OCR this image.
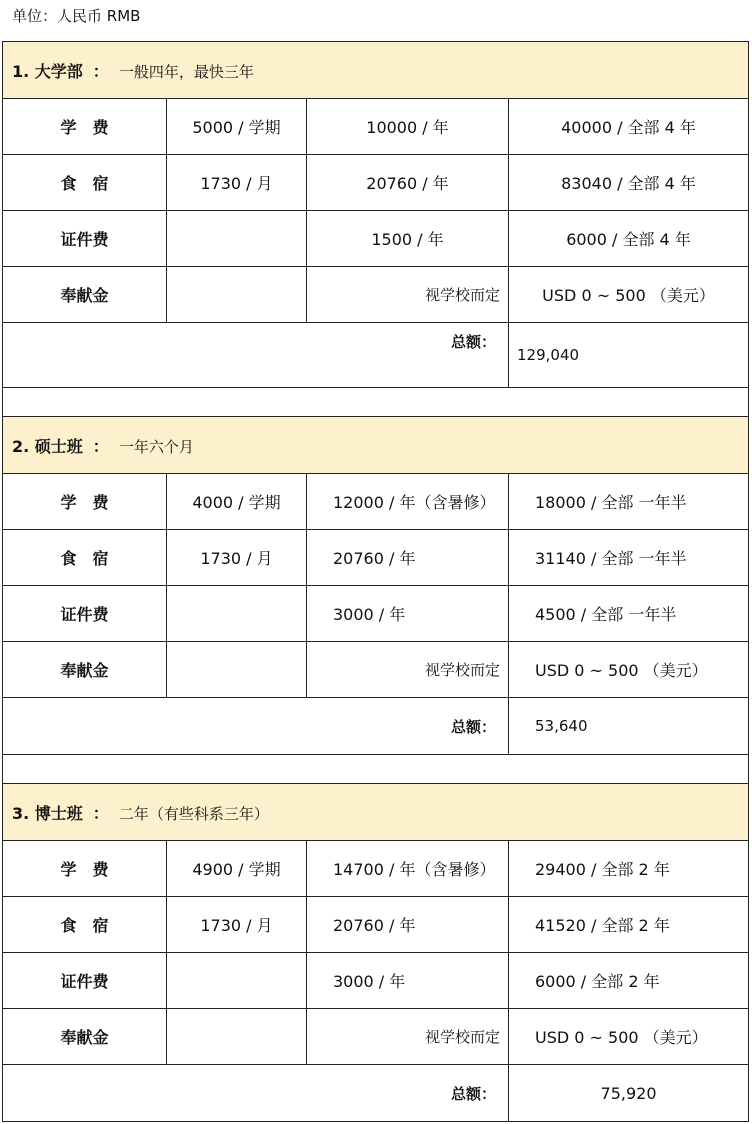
单位：人民币 RMB
1. 大学部 ： 一般四年，最快三年			
学　费	5000 / 学期	10000 / 年	40000 / 全部 4 年
食　宿	1730 / 月	20760 / 年	83040 / 全部 4 年
证件费		1500 / 年	6000 / 全部 4 年
奉献金		视学校而定	USD 0 ~ 500 （美元）
总额：			129,040

2. 硕士班 ： 一年六个月			
学　费	4000 / 学期	12000 / 年（含暑修）	18000 / 全部 一年半
食　宿	1730 / 月	20760 / 年	31140 / 全部 一年半
证件费		3000 / 年	4500 / 全部 一年半
奉献金		视学校而定	USD 0 ~ 500 （美元）
总额：			53,640

3. 博士班 ： 二年（有些科系三年）			
学　费	4900 / 学期	14700 / 年（含暑修）	29400 / 全部 2 年
食　宿	1730 / 月	20760 / 年	41520 / 全部 2 年
证件费		3000 / 年	6000 / 全部 2 年
奉献金		视学校而定	USD 0 ~ 500 （美元）
总额：			75,920
